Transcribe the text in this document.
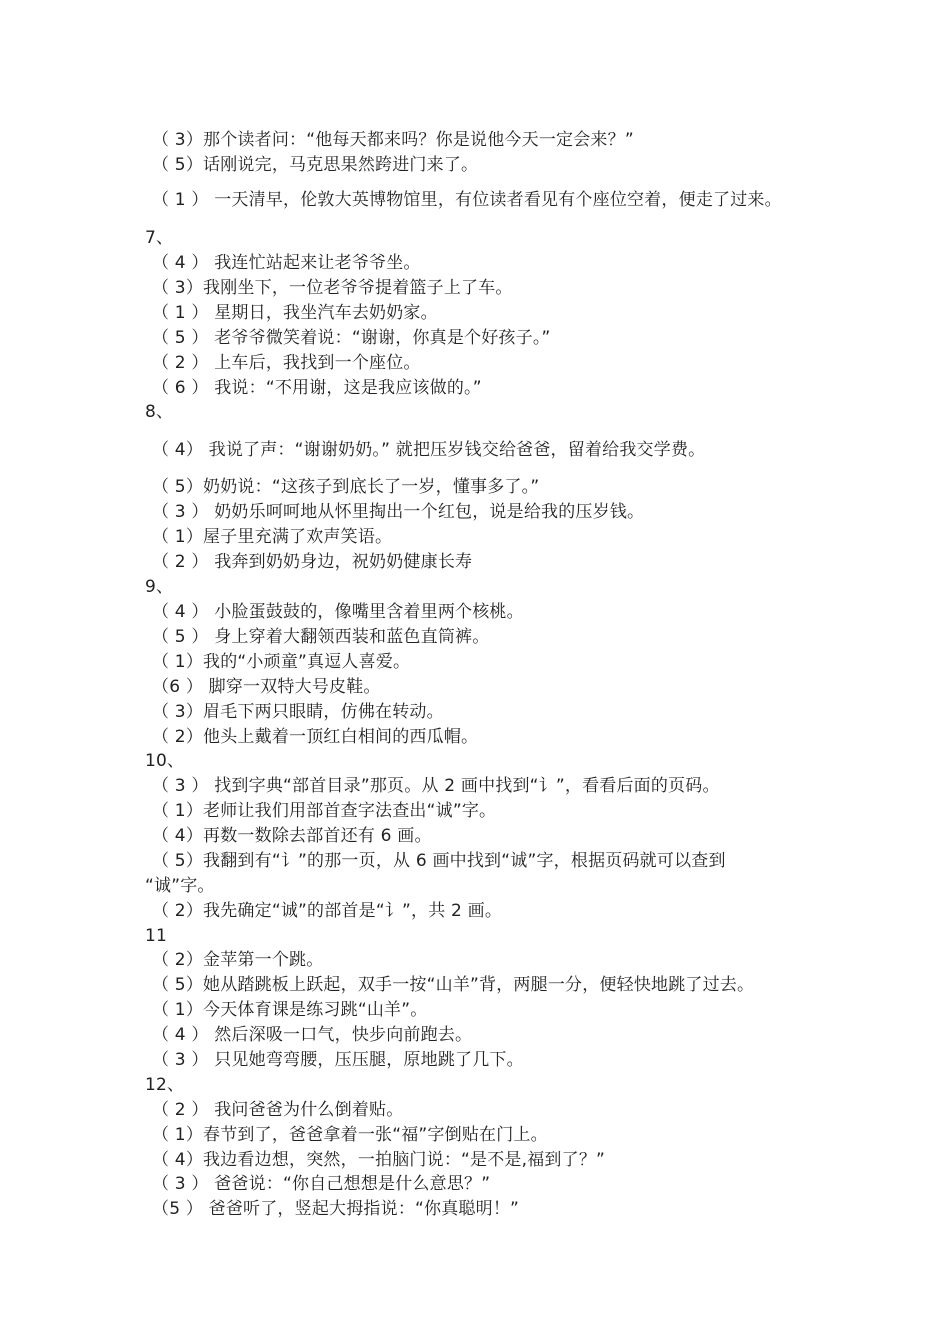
（ 3）那个读者问：“他每天都来吗？你是说他今天一定会来？”
（ 5）话刚说完，马克思果然跨进门来了。
（ 1 ） 一天清早，伦敦大英博物馆里，有位读者看见有个座位空着，便走了过来。
7、
（ 4 ） 我连忙站起来让老爷爷坐。
（ 3）我刚坐下，一位老爷爷提着篮子上了车。
（ 1 ） 星期日，我坐汽车去奶奶家。
（ 5 ） 老爷爷微笑着说：“谢谢，你真是个好孩子。”
（ 2 ） 上车后，我找到一个座位。
（ 6 ） 我说：“不用谢，这是我应该做的。”
8、
（ 4） 我说了声：“谢谢奶奶。” 就把压岁钱交给爸爸，留着给我交学费。
（ 5）奶奶说：“这孩子到底长了一岁，懂事多了。”
（ 3 ） 奶奶乐呵呵地从怀里掏出一个红包，说是给我的压岁钱。
（ 1）屋子里充满了欢声笑语。
（ 2 ） 我奔到奶奶身边，祝奶奶健康长寿
9、
（ 4 ） 小脸蛋鼓鼓的，像嘴里含着里两个核桃。
（ 5 ） 身上穿着大翻领西装和蓝色直筒裤。
（ 1）我的“小顽童”真逗人喜爱。
（6 ） 脚穿一双特大号皮鞋。
（ 3）眉毛下两只眼睛，仿佛在转动。
（ 2）他头上戴着一顶红白相间的西瓜帽。
10、
（ 3 ） 找到字典“部首目录”那页。从 2 画中找到“讠”，看看后面的页码。
（ 1）老师让我们用部首查字法查出“诚”字。
（ 4）再数一数除去部首还有 6 画。
（ 5）我翻到有“讠”的那一页，从 6 画中找到“诚”字，根据页码就可以查到
“诚”字。
（ 2）我先确定“诚”的部首是“讠”，共 2 画。
11
（ 2）金苹第一个跳。
（ 5）她从踏跳板上跃起，双手一按“山羊”背，两腿一分，便轻快地跳了过去。
（ 1）今天体育课是练习跳“山羊”。
（ 4 ） 然后深吸一口气，快步向前跑去。
（ 3 ） 只见她弯弯腰，压压腿，原地跳了几下。
12、
（ 2 ） 我问爸爸为什么倒着贴。
（ 1）春节到了，爸爸拿着一张“福”字倒贴在门上。
（ 4）我边看边想，突然，一拍脑门说：“是不是,福到了？”
（ 3 ） 爸爸说：“你自己想想是什么意思？”
（5 ） 爸爸听了，竖起大拇指说：“你真聪明！”
